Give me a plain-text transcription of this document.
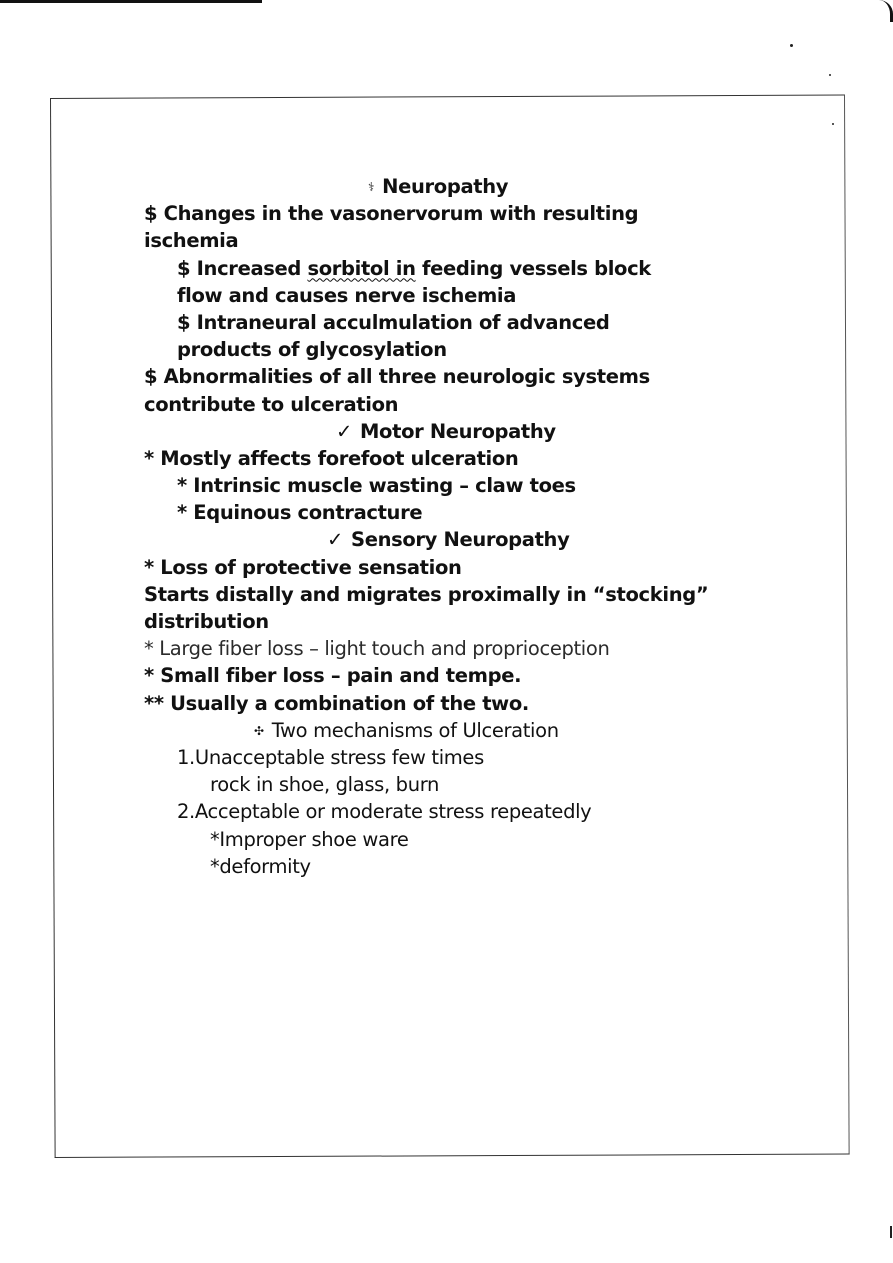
⚕ Neuropathy
$ Changes in the vasonervorum with resulting
ischemia
$ Increased sorbitol in feeding vessels block
flow and causes nerve ischemia
$ Intraneural acculmulation of advanced
products of glycosylation
$ Abnormalities of all three neurologic systems
contribute to ulceration
✓ Motor Neuropathy
* Mostly affects forefoot ulceration
* Intrinsic muscle wasting – claw toes
* Equinous contracture
✓ Sensory Neuropathy
* Loss of protective sensation
Starts distally and migrates proximally in “stocking”
distribution
* Large fiber loss – light touch and proprioception
* Small fiber loss – pain and tempe.
** Usually a combination of the two.
✣ Two mechanisms of Ulceration
1.Unacceptable stress few times
rock in shoe, glass, burn
2.Acceptable or moderate stress repeatedly
*Improper shoe ware
*deformity
